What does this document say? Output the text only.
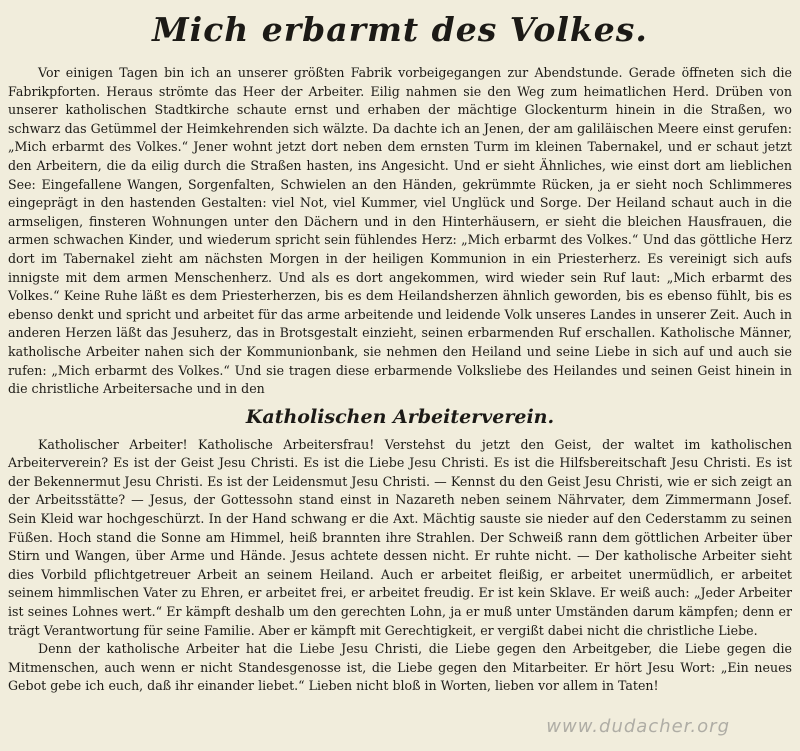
Mich erbarmt des Volkes.

Vor einigen Tagen bin ich an unserer größten Fabrik vorbeigegangen zur Abendstunde. Gerade öffneten sich die Fabrikpforten. Heraus strömte das Heer der Arbeiter. Eilig nahmen sie den Weg zum heimatlichen Herd. Drüben von unserer katholischen Stadtkirche schaute ernst und erhaben der mächtige Glockenturm hinein in die Straßen, wo schwarz das Getümmel der Heimkehrenden sich wälzte. Da dachte ich an Jenen, der am galiläischen Meere einst gerufen: „Mich erbarmt des Volkes.“ Jener wohnt jetzt dort neben dem ernsten Turm im kleinen Tabernakel, und er schaut jetzt den Arbeitern, die da eilig durch die Straßen hasten, ins Angesicht. Und er sieht Ähnliches, wie einst dort am lieblichen See: Eingefallene Wangen, Sorgenfalten, Schwielen an den Händen, gekrümmte Rücken, ja er sieht noch Schlimmeres eingeprägt in den hastenden Gestalten: viel Not, viel Kummer, viel Unglück und Sorge. Der Heiland schaut auch in die armseligen, finsteren Wohnungen unter den Dächern und in den Hinterhäusern, er sieht die bleichen Hausfrauen, die armen schwachen Kinder, und wiederum spricht sein fühlendes Herz: „Mich erbarmt des Volkes.“ Und das göttliche Herz dort im Tabernakel zieht am nächsten Morgen in der heiligen Kommunion in ein Priesterherz. Es vereinigt sich aufs innigste mit dem armen Menschenherz. Und als es dort angekommen, wird wieder sein Ruf laut: „Mich erbarmt des Volkes.“ Keine Ruhe läßt es dem Priesterherzen, bis es dem Heilandsherzen ähnlich geworden, bis es ebenso fühlt, bis es ebenso denkt und spricht und arbeitet für das arme arbeitende und leidende Volk unseres Landes in unserer Zeit. Auch in anderen Herzen läßt das Jesuherz, das in Brotsgestalt einzieht, seinen erbarmenden Ruf erschallen. Katholische Männer, katholische Arbeiter nahen sich der Kommunionbank, sie nehmen den Heiland und seine Liebe in sich auf und auch sie rufen: „Mich erbarmt des Volkes.“ Und sie tragen diese erbarmende Volksliebe des Heilandes und seinen Geist hinein in die christliche Arbeitersache und in den

Katholischen Arbeiterverein.

Katholischer Arbeiter! Katholische Arbeitersfrau! Verstehst du jetzt den Geist, der waltet im katholischen Arbeiterverein? Es ist der Geist Jesu Christi. Es ist die Liebe Jesu Christi. Es ist die Hilfsbereitschaft Jesu Christi. Es ist der Bekennermut Jesu Christi. Es ist der Leidensmut Jesu Christi. — Kennst du den Geist Jesu Christi, wie er sich zeigt an der Arbeitsstätte? — Jesus, der Gottessohn stand einst in Nazareth neben seinem Nährvater, dem Zimmermann Josef. Sein Kleid war hochgeschürzt. In der Hand schwang er die Axt. Mächtig sauste sie nieder auf den Cederstamm zu seinen Füßen. Hoch stand die Sonne am Himmel, heiß brannten ihre Strahlen. Der Schweiß rann dem göttlichen Arbeiter über Stirn und Wangen, über Arme und Hände. Jesus achtete dessen nicht. Er ruhte nicht. — Der katholische Arbeiter sieht dies Vorbild pflichtgetreuer Arbeit an seinem Heiland. Auch er arbeitet fleißig, er arbeitet unermüdlich, er arbeitet seinem himmlischen Vater zu Ehren, er arbeitet frei, er arbeitet freudig. Er ist kein Sklave. Er weiß auch: „Jeder Arbeiter ist seines Lohnes wert.“ Er kämpft deshalb um den gerechten Lohn, ja er muß unter Umständen darum kämpfen; denn er trägt Verantwortung für seine Familie. Aber er kämpft mit Gerechtigkeit, er vergißt dabei nicht die christliche Liebe.

Denn der katholische Arbeiter hat die Liebe Jesu Christi, die Liebe gegen den Arbeitgeber, die Liebe gegen die Mitmenschen, auch wenn er nicht Standesgenosse ist, die Liebe gegen den Mitarbeiter. Er hört Jesu Wort: „Ein neues Gebot gebe ich euch, daß ihr einander liebet.“ Lieben nicht bloß in Worten, lieben vor allem in Taten!

www.dudacher.org
